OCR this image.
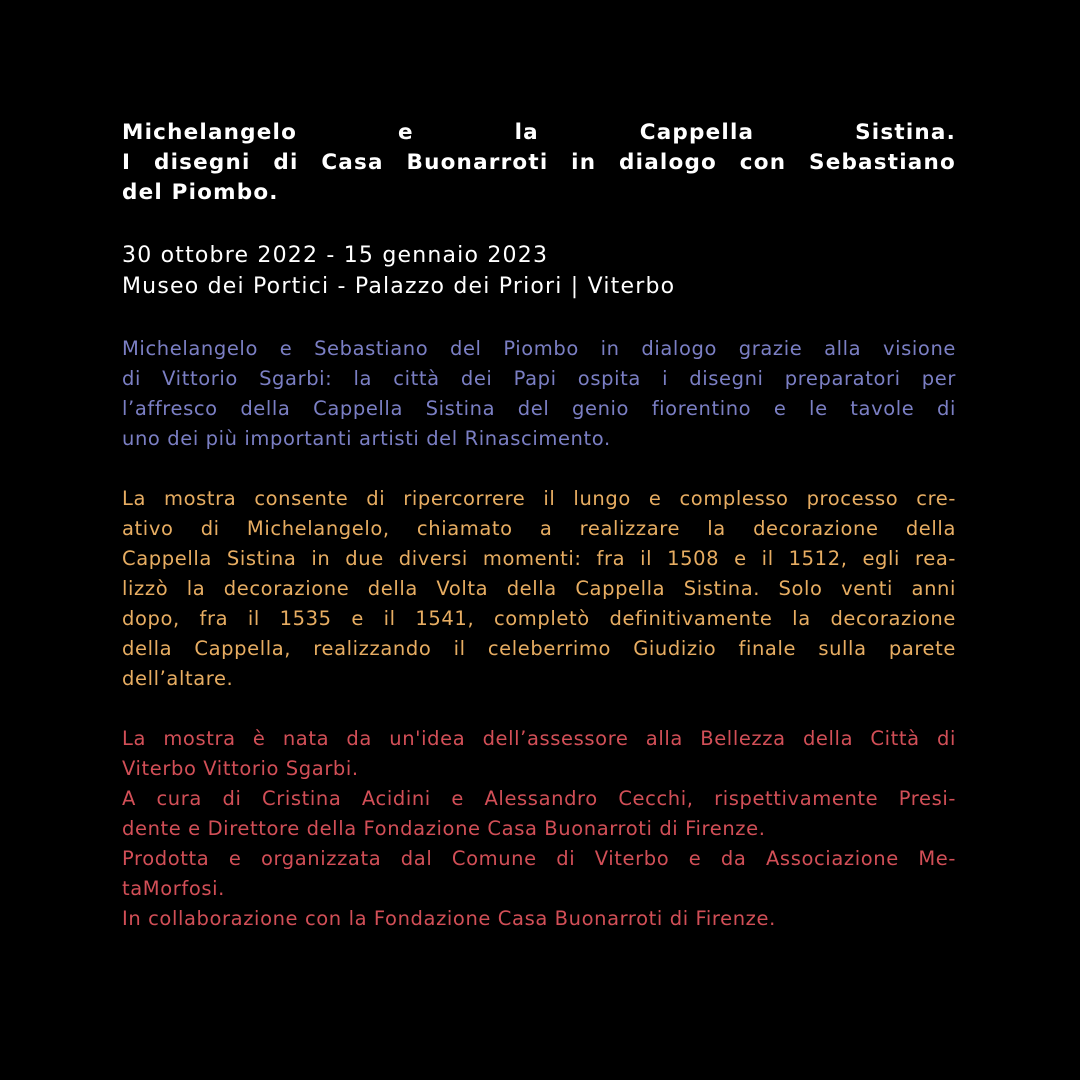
Michelangelo e la Cappella Sistina.
I disegni di Casa Buonarroti in dialogo con Sebastiano
del Piombo.
30 ottobre 2022 - 15 gennaio 2023
Museo dei Portici - Palazzo dei Priori | Viterbo
Michelangelo e Sebastiano del Piombo in dialogo grazie alla visione
di Vittorio Sgarbi: la città dei Papi ospita i disegni preparatori per
l’affresco della Cappella Sistina del genio fiorentino e le tavole di
uno dei più importanti artisti del Rinascimento.
La mostra consente di ripercorrere il lungo e complesso processo cre-
ativo di Michelangelo, chiamato a realizzare la decorazione della
Cappella Sistina in due diversi momenti: fra il 1508 e il 1512, egli rea-
lizzò la decorazione della Volta della Cappella Sistina. Solo venti anni
dopo, fra il 1535 e il 1541, completò definitivamente la decorazione
della Cappella, realizzando il celeberrimo Giudizio finale sulla parete
dell’altare.
La mostra è nata da un'idea dell’assessore alla Bellezza della Città di
Viterbo Vittorio Sgarbi.
A cura di Cristina Acidini e Alessandro Cecchi, rispettivamente Presi-
dente e Direttore della Fondazione Casa Buonarroti di Firenze.
Prodotta e organizzata dal Comune di Viterbo e da Associazione Me-
taMorfosi.
In collaborazione con la Fondazione Casa Buonarroti di Firenze.
